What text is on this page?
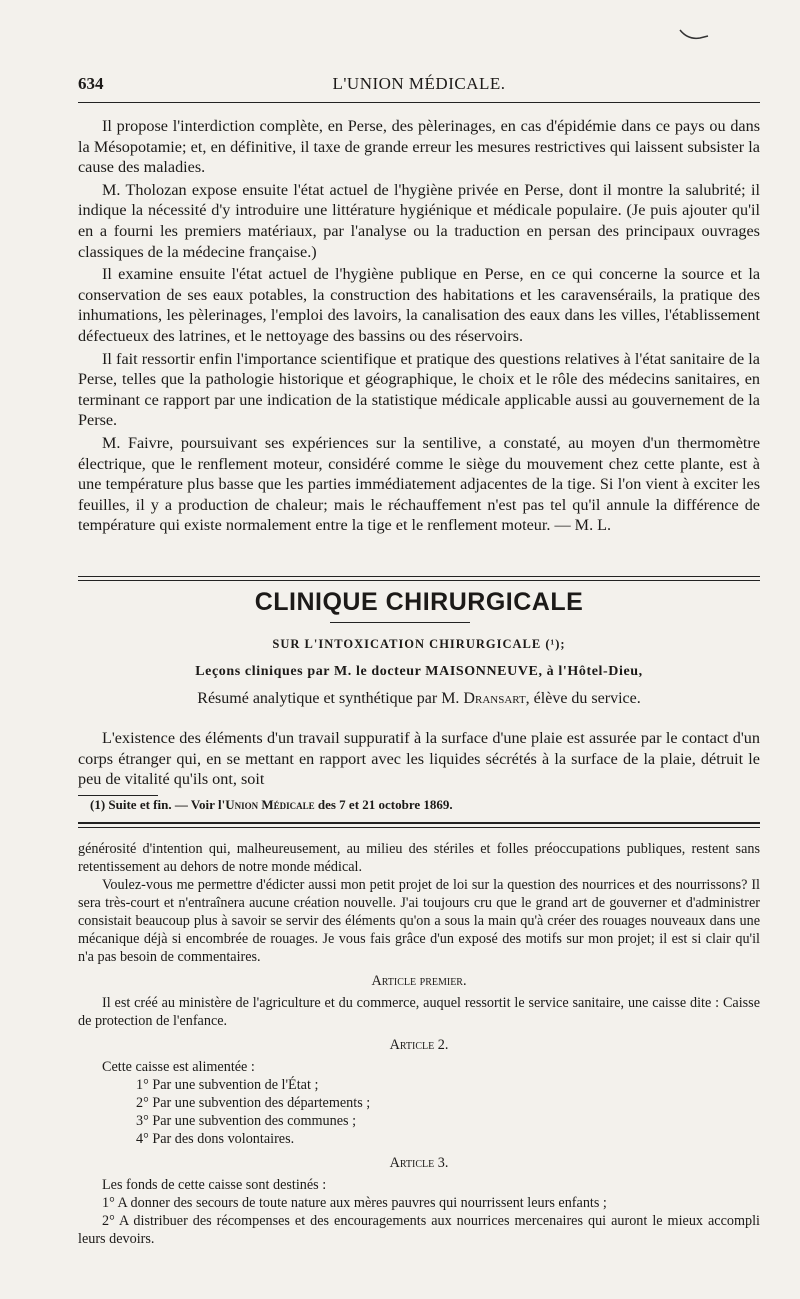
634	L'UNION MÉDICALE.

Il propose l'interdiction complète, en Perse, des pèlerinages, en cas d'épidémie dans ce pays ou dans la Mésopotamie; et, en définitive, il taxe de grande erreur les mesures restrictives qui laissent subsister la cause des maladies.

M. Tholozan expose ensuite l'état actuel de l'hygiène privée en Perse, dont il montre la salubrité; il indique la nécessité d'y introduire une littérature hygiénique et médicale populaire. (Je puis ajouter qu'il en a fourni les premiers matériaux, par l'analyse ou la traduction en persan des principaux ouvrages classiques de la médecine française.)

Il examine ensuite l'état actuel de l'hygiène publique en Perse, en ce qui concerne la source et la conservation de ses eaux potables, la construction des habitations et les caravensérails, la pratique des inhumations, les pèlerinages, l'emploi des lavoirs, la canalisation des eaux dans les villes, l'établissement défectueux des latrines, et le nettoyage des bassins ou des réservoirs.

Il fait ressortir enfin l'importance scientifique et pratique des questions relatives à l'état sanitaire de la Perse, telles que la pathologie historique et géographique, le choix et le rôle des médecins sanitaires, en terminant ce rapport par une indication de la statistique médicale applicable aussi au gouvernement de la Perse.

M. Faivre, poursuivant ses expériences sur la sentilive, a constaté, au moyen d'un thermomètre électrique, que le renflement moteur, considéré comme le siège du mouvement chez cette plante, est à une température plus basse que les parties immédiatement adjacentes de la tige. Si l'on vient à exciter les feuilles, il y a production de chaleur; mais le réchauffement n'est pas tel qu'il annule la différence de température qui existe normalement entre la tige et le renflement moteur. — M. L.

CLINIQUE CHIRURGICALE
SUR L'INTOXICATION CHIRURGICALE (¹);
Leçons cliniques par M. le docteur MAISONNEUVE, à l'Hôtel-Dieu,
Résumé analytique et synthétique par M. Dransart, élève du service.

L'existence des éléments d'un travail suppuratif à la surface d'une plaie est assurée par le contact d'un corps étranger qui, en se mettant en rapport avec les liquides sécrétés à la surface de la plaie, détruit le peu de vitalité qu'ils ont, soit

(1) Suite et fin. — Voir l'Union Médicale des 7 et 21 octobre 1869.

générosité d'intention qui, malheureusement, au milieu des stériles et folles préoccupations publiques, restent sans retentissement au dehors de notre monde médical.

Voulez-vous me permettre d'édicter aussi mon petit projet de loi sur la question des nourrices et des nourrissons? Il sera très-court et n'entraînera aucune création nouvelle. J'ai toujours cru que le grand art de gouverner et d'administrer consistait beaucoup plus à savoir se servir des éléments qu'on a sous la main qu'à créer des rouages nouveaux dans une mécanique déjà si encombrée de rouages. Je vous fais grâce d'un exposé des motifs sur mon projet; il est si clair qu'il n'a pas besoin de commentaires.

Article premier.

Il est créé au ministère de l'agriculture et du commerce, auquel ressortit le service sanitaire, une caisse dite : Caisse de protection de l'enfance.

Article 2.

Cette caisse est alimentée :

1° Par une subvention de l'État ;

2° Par une subvention des départements ;

3° Par une subvention des communes ;

4° Par des dons volontaires.

Article 3.

Les fonds de cette caisse sont destinés :

1° A donner des secours de toute nature aux mères pauvres qui nourrissent leurs enfants ;

2° A distribuer des récompenses et des encouragements aux nourrices mercenaires qui auront le mieux accompli leurs devoirs.
